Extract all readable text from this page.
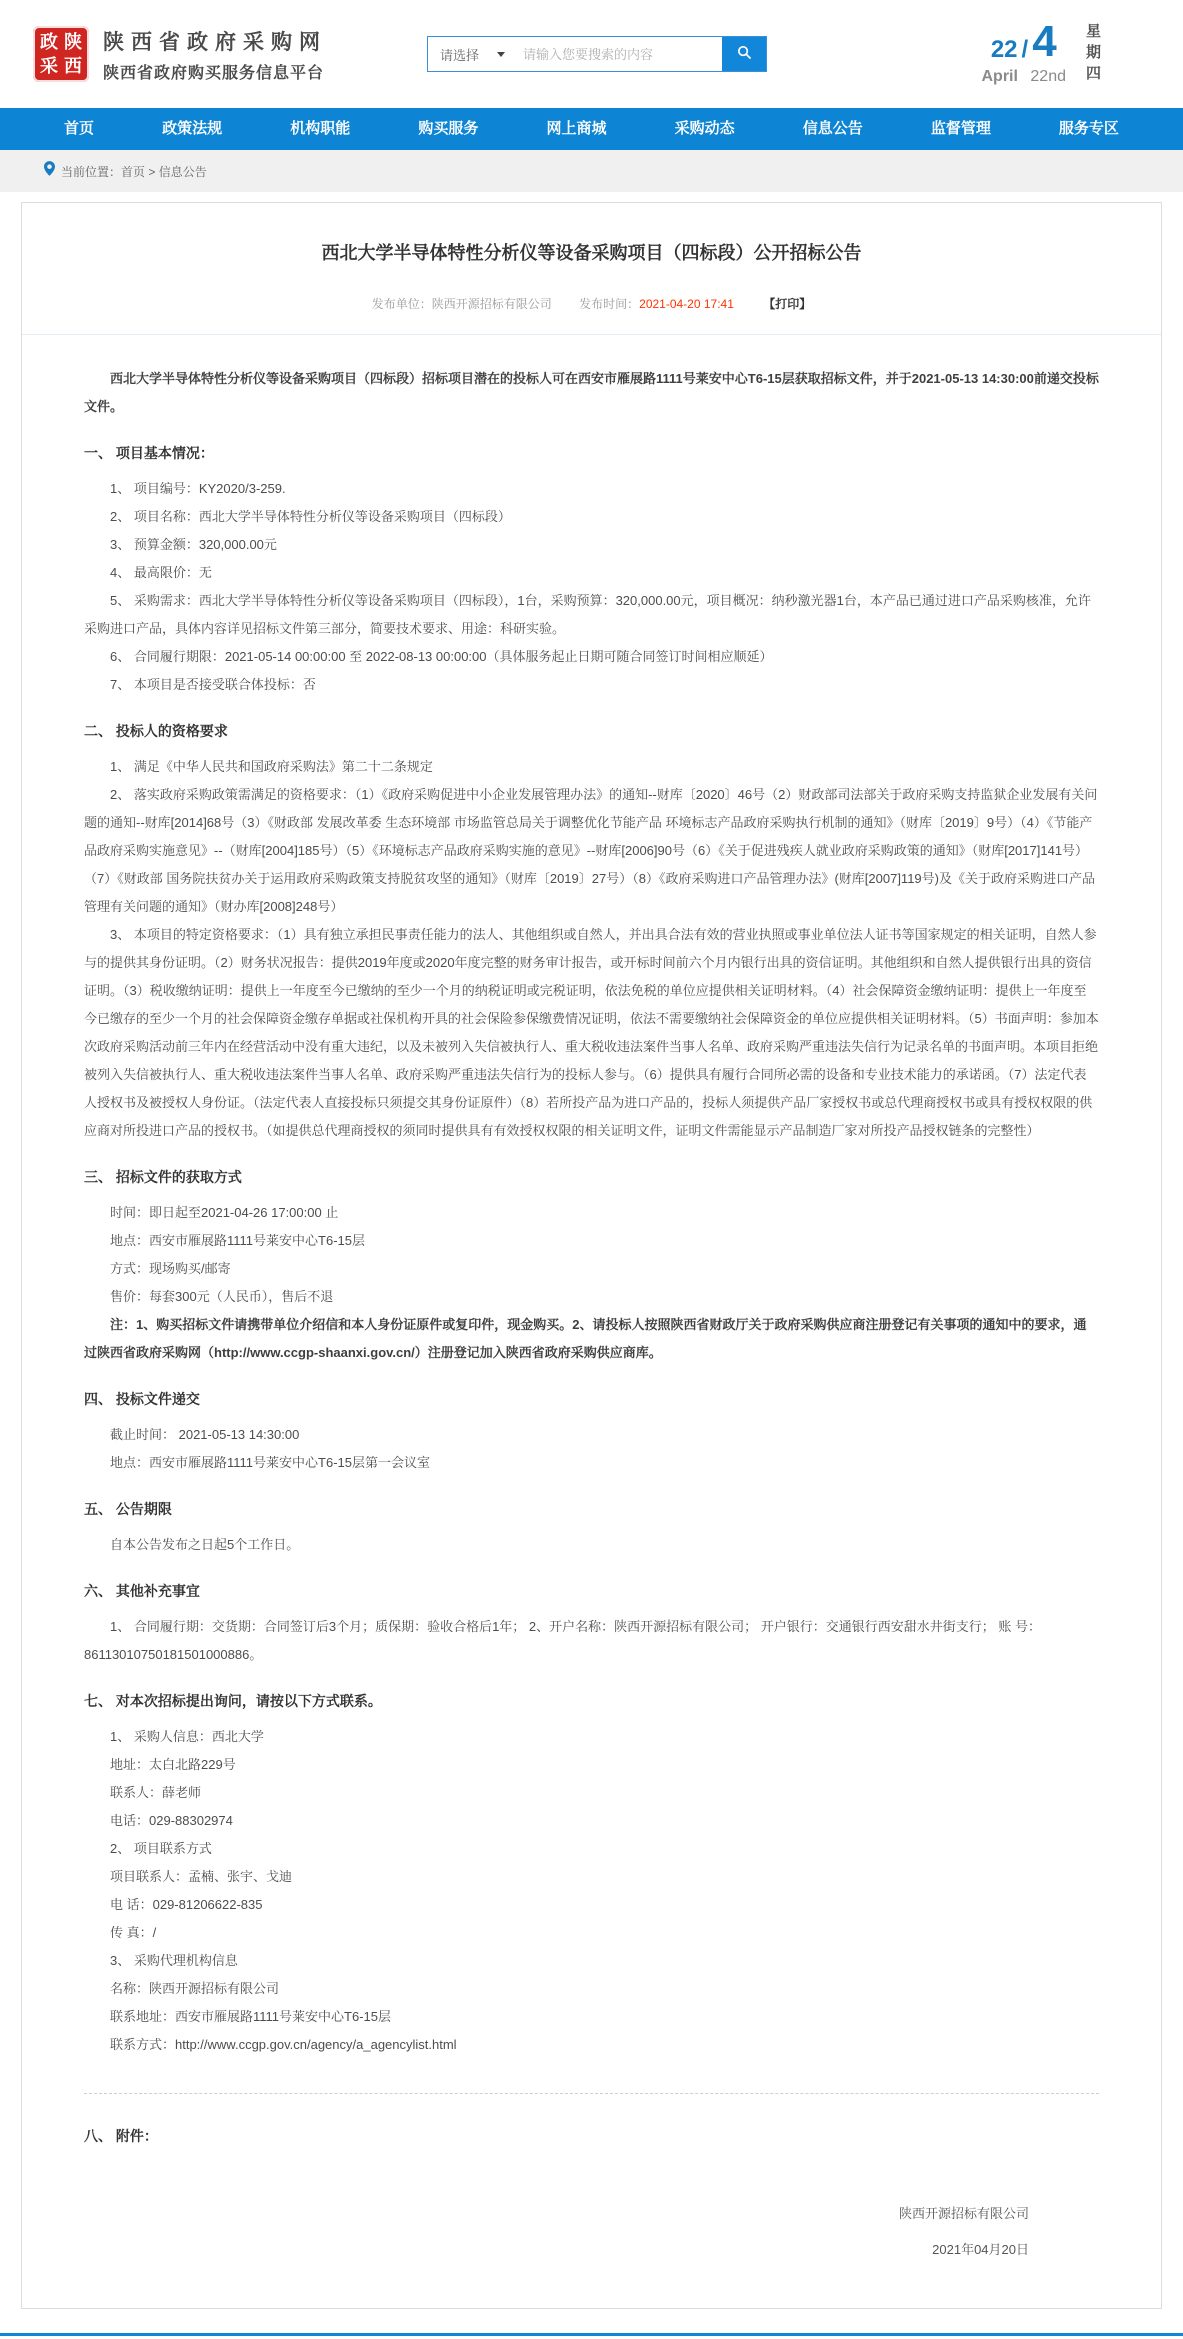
政 陕
采 西
陕西省政府采购网
陕西省政府购买服务信息平台
请选择
请输入您要搜索的内容	22 / 4
April 22nd 星期四
首页	政策法规	机构职能	购买服务	网上商城	采购动态	信息公告	监督管理	服务专区
当前位置：首页 > 信息公告
西北大学半导体特性分析仪等设备采购项目（四标段）公开招标公告
发布单位：陕西开源招标有限公司 发布时间：2021-04-20 17:41 【打印】

西北大学半导体特性分析仪等设备采购项目（四标段）招标项目潜在的投标人可在西安市雁展路1111号莱安中心T6-15层获取招标文件，并于2021-05-13 14:30:00前递交投标文件。

一、 项目基本情况：

1、 项目编号：KY2020/3-259.

2、 项目名称：西北大学半导体特性分析仪等设备采购项目（四标段）

3、 预算金额：320,000.00元

4、 最高限价：无

5、 采购需求：西北大学半导体特性分析仪等设备采购项目（四标段），1台，采购预算：320,000.00元，项目概况：纳秒激光器1台，本产品已通过进口产品采购核准，允许采购进口产品，具体内容详见招标文件第三部分，简要技术要求、用途：科研实验。

6、 合同履行期限：2021-05-14 00:00:00 至 2022-08-13 00:00:00（具体服务起止日期可随合同签订时间相应顺延）

7、 本项目是否接受联合体投标：否

二、 投标人的资格要求

1、 满足《中华人民共和国政府采购法》第二十二条规定

2、 落实政府采购政策需满足的资格要求：（1）《政府采购促进中小企业发展管理办法》的通知--财库〔2020〕46号（2）财政部司法部关于政府采购支持监狱企业发展有关问题的通知--财库[2014]68号（3）《财政部 发展改革委 生态环境部 市场监管总局关于调整优化节能产品 环境标志产品政府采购执行机制的通知》（财库〔2019〕9号）（4）《节能产品政府采购实施意见》--（财库[2004]185号）（5）《环境标志产品政府采购实施的意见》--财库[2006]90号（6）《关于促进残疾人就业政府采购政策的通知》（财库[2017]141号）（7）《财政部 国务院扶贫办关于运用政府采购政策支持脱贫攻坚的通知》（财库〔2019〕27号）（8）《政府采购进口产品管理办法》(财库[2007]119号)及《关于政府采购进口产品管理有关问题的通知》（财办库[2008]248号）

3、 本项目的特定资格要求：（1）具有独立承担民事责任能力的法人、其他组织或自然人，并出具合法有效的营业执照或事业单位法人证书等国家规定的相关证明，自然人参与的提供其身份证明。（2）财务状况报告：提供2019年度或2020年度完整的财务审计报告，或开标时间前六个月内银行出具的资信证明。其他组织和自然人提供银行出具的资信证明。（3）税收缴纳证明：提供上一年度至今已缴纳的至少一个月的纳税证明或完税证明，依法免税的单位应提供相关证明材料。（4）社会保障资金缴纳证明：提供上一年度至今已缴存的至少一个月的社会保障资金缴存单据或社保机构开具的社会保险参保缴费情况证明，依法不需要缴纳社会保障资金的单位应提供相关证明材料。（5）书面声明：参加本次政府采购活动前三年内在经营活动中没有重大违纪，以及未被列入失信被执行人、重大税收违法案件当事人名单、政府采购严重违法失信行为记录名单的书面声明。本项目拒绝被列入失信被执行人、重大税收违法案件当事人名单、政府采购严重违法失信行为的投标人参与。（6）提供具有履行合同所必需的设备和专业技术能力的承诺函。（7）法定代表人授权书及被授权人身份证。（法定代表人直接投标只须提交其身份证原件）（8）若所投产品为进口产品的，投标人须提供产品厂家授权书或总代理商授权书或具有授权权限的供应商对所投进口产品的授权书。（如提供总代理商授权的须同时提供具有有效授权权限的相关证明文件，证明文件需能显示产品制造厂家对所投产品授权链条的完整性）

三、 招标文件的获取方式

时间：即日起至2021-04-26 17:00:00 止

地点：西安市雁展路1111号莱安中心T6-15层

方式：现场购买/邮寄

售价：每套300元（人民币），售后不退

注：1、购买招标文件请携带单位介绍信和本人身份证原件或复印件，现金购买。2、请投标人按照陕西省财政厅关于政府采购供应商注册登记有关事项的通知中的要求，通过陕西省政府采购网（http://www.ccgp-shaanxi.gov.cn/）注册登记加入陕西省政府采购供应商库。

四、 投标文件递交

截止时间： 2021-05-13 14:30:00

地点：西安市雁展路1111号莱安中心T6-15层第一会议室

五、 公告期限

自本公告发布之日起5个工作日。

六、 其他补充事宜

1、 合同履行期：交货期：合同签订后3个月；质保期：验收合格后1年； 2、开户名称：陕西开源招标有限公司； 开户银行：交通银行西安甜水井街支行； 账 号：86113010750181501000886。

七、 对本次招标提出询问，请按以下方式联系。

1、 采购人信息：西北大学

地址：太白北路229号

联系人：薛老师

电话：029-88302974

2、 项目联系方式

项目联系人：孟楠、张宇、戈迪

电 话：029-81206622-835

传 真：/

3、 采购代理机构信息

名称：陕西开源招标有限公司

联系地址：西安市雁展路1111号莱安中心T6-15层

联系方式：http://www.ccgp.gov.cn/agency/a_agencylist.html

八、 附件：
陕西开源招标有限公司
2021年04月20日
